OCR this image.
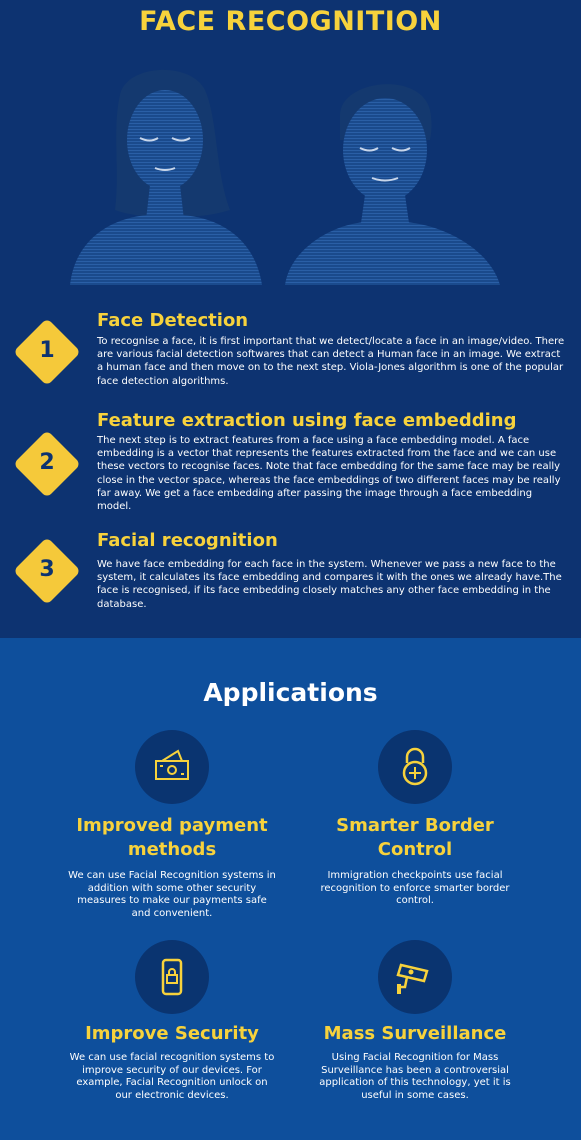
FACE RECOGNITION
1
Face Detection
To recognise a face, it is first important that we detect/locate a face in an image/video. There are various facial detection softwares that can detect a Human face in an image. We extract a human face and then move on to the next step. Viola-Jones algorithm is one of the popular face detection algorithms.
2
Feature extraction using face embedding
The next step is to extract features from a face using a face embedding model. A face embedding is a vector that represents the features extracted from the face and we can use these vectors to recognise faces. Note that face embedding for the same face may be really close in the vector space, whereas the face embeddings of two different faces may be really far away. We get a face embedding after passing the image through a face embedding model.
3
Facial recognition
We have face embedding for each face in the system. Whenever we pass a new face to the system, it calculates its face embedding and compares it with the ones we already have.The face is recognised, if its face embedding closely matches any other face embedding in the database.
Applications
Improved payment
methods
We can use Facial Recognition systems in addition with some other security measures to make our payments safe and convenient.
Smarter Border
Control
Immigration checkpoints use facial recognition to enforce smarter border control.
Improve Security
We can use facial recognition systems to improve security of our devices. For example, Facial Recognition unlock on our electronic devices.
Mass Surveillance
Using Facial Recognition for Mass Surveillance has been a controversial application of this technology, yet it is useful in some cases.
